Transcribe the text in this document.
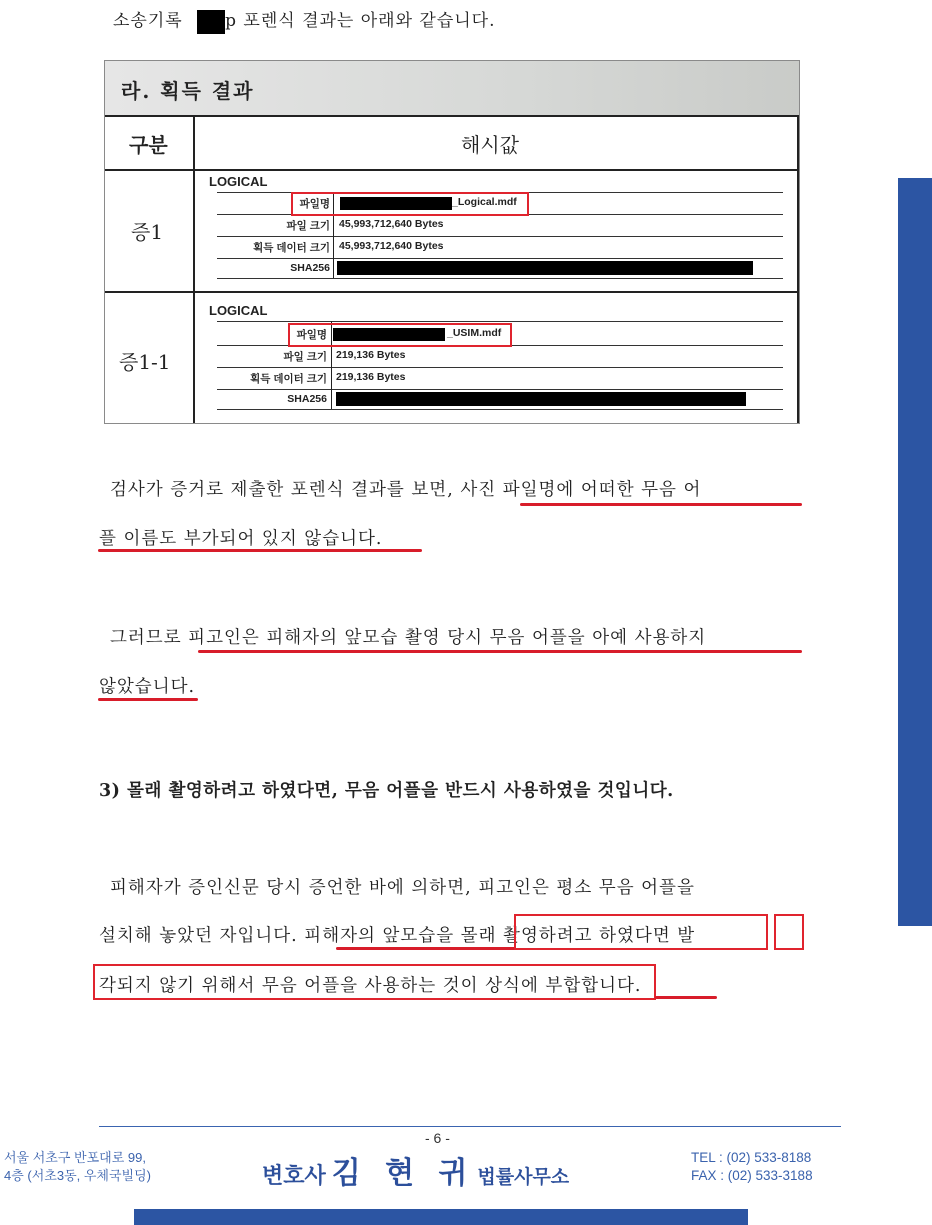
소송기록 p 포렌식 결과는 아래와 같습니다.
라. 획득 결과
구분	해시값
증1
LOGICAL
파일명	_Logical.mdf
파일 크기 45,993,712,640 Bytes
획득 데이터 크기 45,993,712,640 Bytes
SHA256
증1-1
LOGICAL
파일명	_USIM.mdf
파일 크기 219,136 Bytes
획득 데이터 크기 219,136 Bytes
SHA256
검사가 증거로 제출한 포렌식 결과를 보면, 사진 파일명에 어떠한 무음 어
플 이름도 부가되어 있지 않습니다.
그러므로 피고인은 피해자의 앞모습 촬영 당시 무음 어플을 아예 사용하지
않았습니다.
3) 몰래 촬영하려고 하였다면, 무음 어플을 반드시 사용하였을 것입니다.
피해자가 증인신문 당시 증언한 바에 의하면, 피고인은 평소 무음 어플을
설치해 놓았던 자입니다. 피해자의 앞모습을 몰래 촬영하려고 하였다면 발
각되지 않기 위해서 무음 어플을 사용하는 것이 상식에 부합합니다.
- 6 -
서울 서초구 반포대로 99,
4층 (서초3동, 우체국빌딩)	변호사 김 현 귀 법률사무소
TEL : (02) 533-8188
FAX : (02) 533-3188
